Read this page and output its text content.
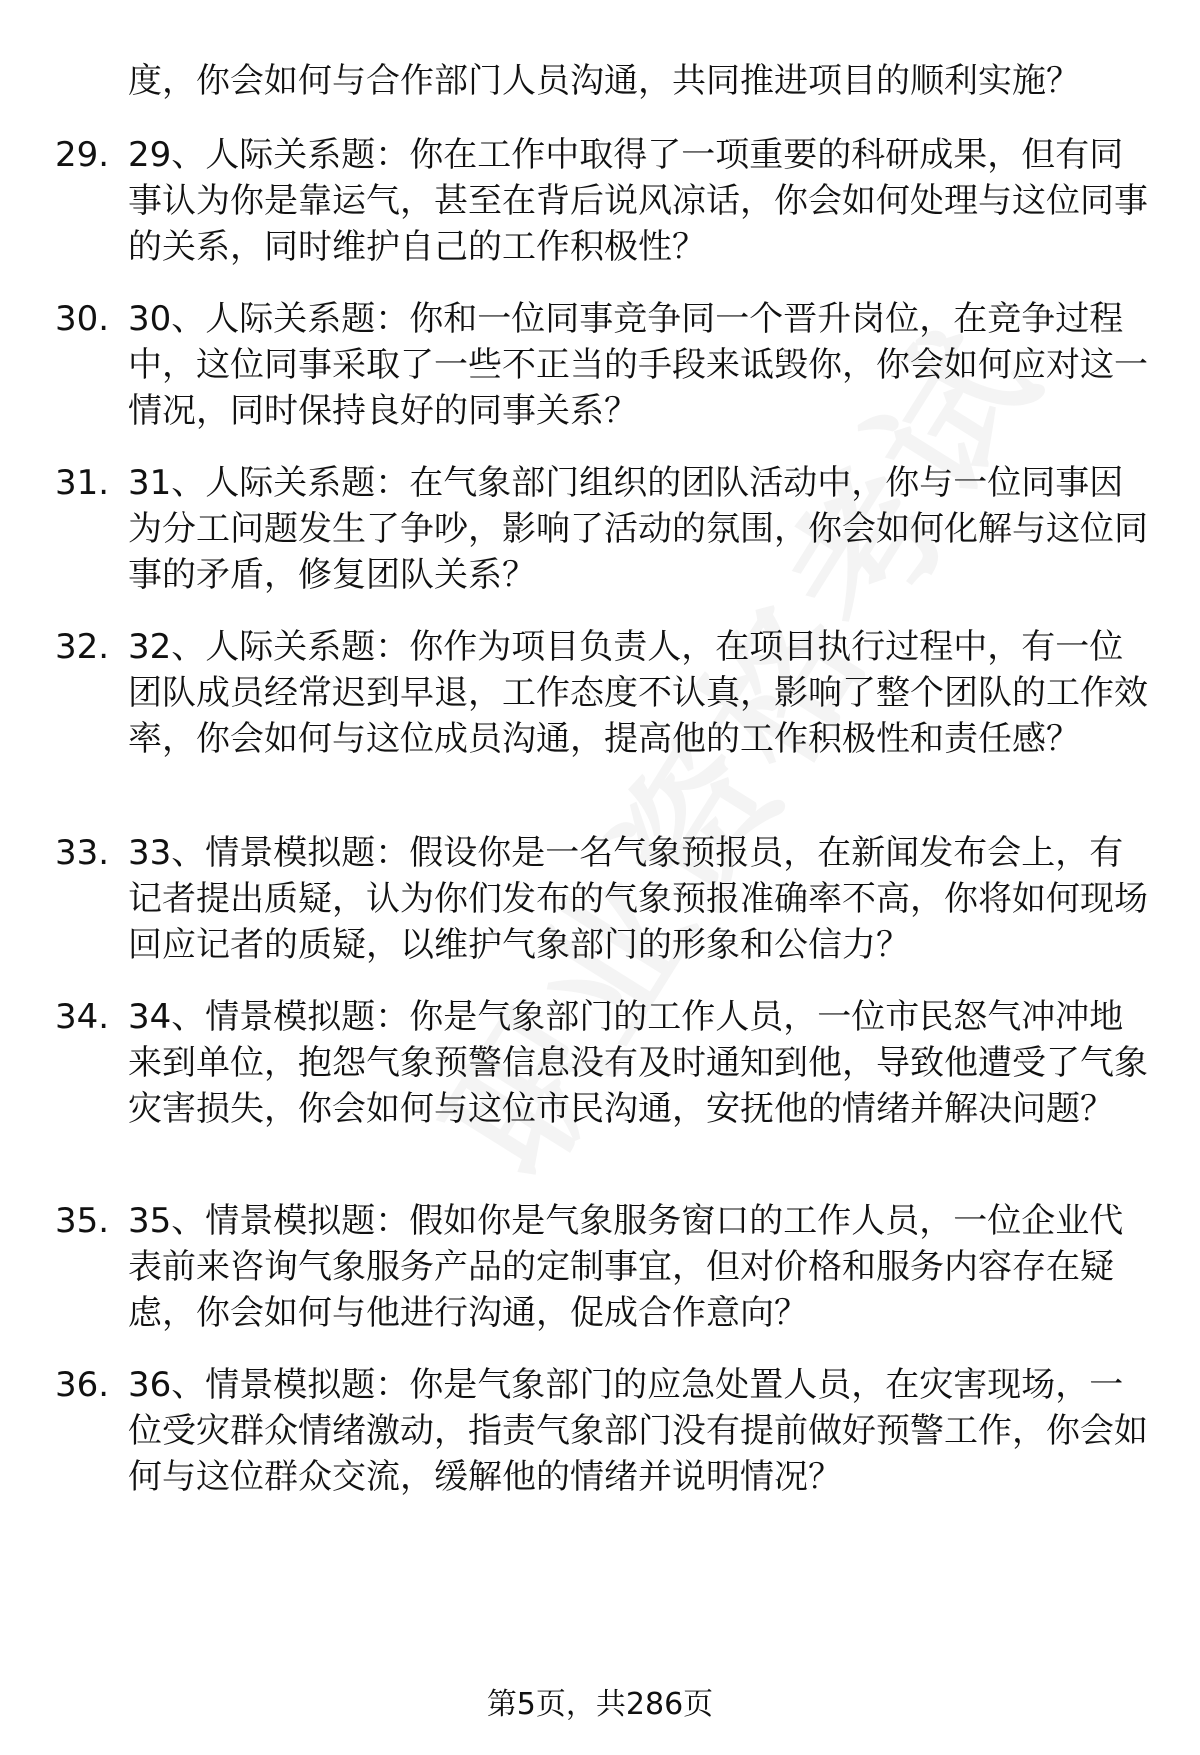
度，你会如何与合作部门人员沟通，共同推进项目的顺利实施？
29. 29、人际关系题：你在工作中取得了一项重要的科研成果，但有同事认为你是靠运气，甚至在背后说风凉话，你会如何处理与这位同事的关系，同时维护自己的工作积极性？
30. 30、人际关系题：你和一位同事竞争同一个晋升岗位，在竞争过程中，这位同事采取了一些不正当的手段来诋毁你，你会如何应对这一情况，同时保持良好的同事关系？
31. 31、人际关系题：在气象部门组织的团队活动中，你与一位同事因为分工问题发生了争吵，影响了活动的氛围，你会如何化解与这位同事的矛盾，修复团队关系？
32. 32、人际关系题：你作为项目负责人，在项目执行过程中，有一位团队成员经常迟到早退，工作态度不认真，影响了整个团队的工作效率，你会如何与这位成员沟通，提高他的工作积极性和责任感？
33. 33、情景模拟题：假设你是一名气象预报员，在新闻发布会上，有记者提出质疑，认为你们发布的气象预报准确率不高，你将如何现场回应记者的质疑，以维护气象部门的形象和公信力？
34. 34、情景模拟题：你是气象部门的工作人员，一位市民怒气冲冲地来到单位，抱怨气象预警信息没有及时通知到他，导致他遭受了气象灾害损失，你会如何与这位市民沟通，安抚他的情绪并解决问题？
35. 35、情景模拟题：假如你是气象服务窗口的工作人员，一位企业代表前来咨询气象服务产品的定制事宜，但对价格和服务内容存在疑虑，你会如何与他进行沟通，促成合作意向？
36. 36、情景模拟题：你是气象部门的应急处置人员，在灾害现场，一位受灾群众情绪激动，指责气象部门没有提前做好预警工作，你会如何与这位群众交流，缓解他的情绪并说明情况？
第5页，共286页
